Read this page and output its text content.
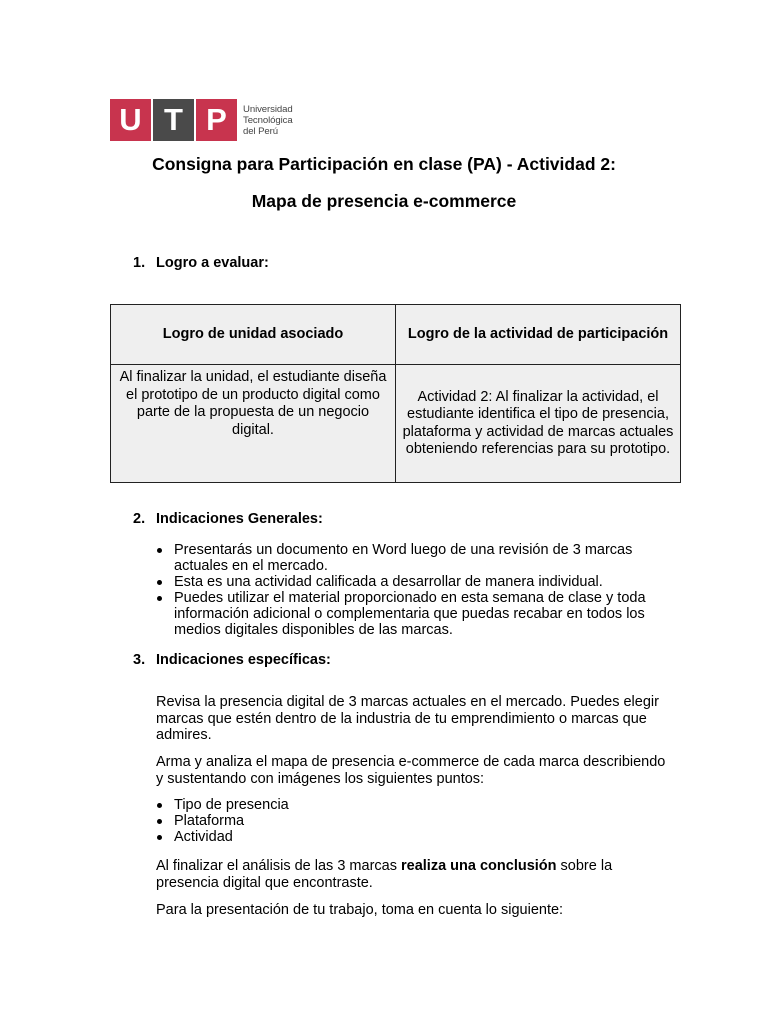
U T P	Universidad
Tecnológica
del Perú
Consigna para Participación en clase (PA) - Actividad 2:
Mapa de presencia e-commerce
1. Logro a evaluar:
Logro de unidad asociado	Logro de la actividad de participación
Al finalizar la unidad, el estudiante diseña el prototipo de un producto digital como parte de la propuesta de un negocio digital.	Actividad 2: Al finalizar la actividad, el estudiante identifica el tipo de presencia, plataforma y actividad de marcas actuales obteniendo referencias para su prototipo.
2. Indicaciones Generales:
Presentarás un documento en Word luego de una revisión de 3 marcas actuales en el mercado.
Esta es una actividad calificada a desarrollar de manera individual.
Puedes utilizar el material proporcionado en esta semana de clase y toda información adicional o complementaria que puedas recabar en todos los medios digitales disponibles de las marcas.
3. Indicaciones específicas:

Revisa la presencia digital de 3 marcas actuales en el mercado. Puedes elegir marcas que estén dentro de la industria de tu emprendimiento o marcas que admires.

Arma y analiza el mapa de presencia e-commerce de cada marca describiendo y sustentando con imágenes los siguientes puntos:

Tipo de presencia
Plataforma
Actividad

Al finalizar el análisis de las 3 marcas realiza una conclusión sobre la presencia digital que encontraste.

Para la presentación de tu trabajo, toma en cuenta lo siguiente:
